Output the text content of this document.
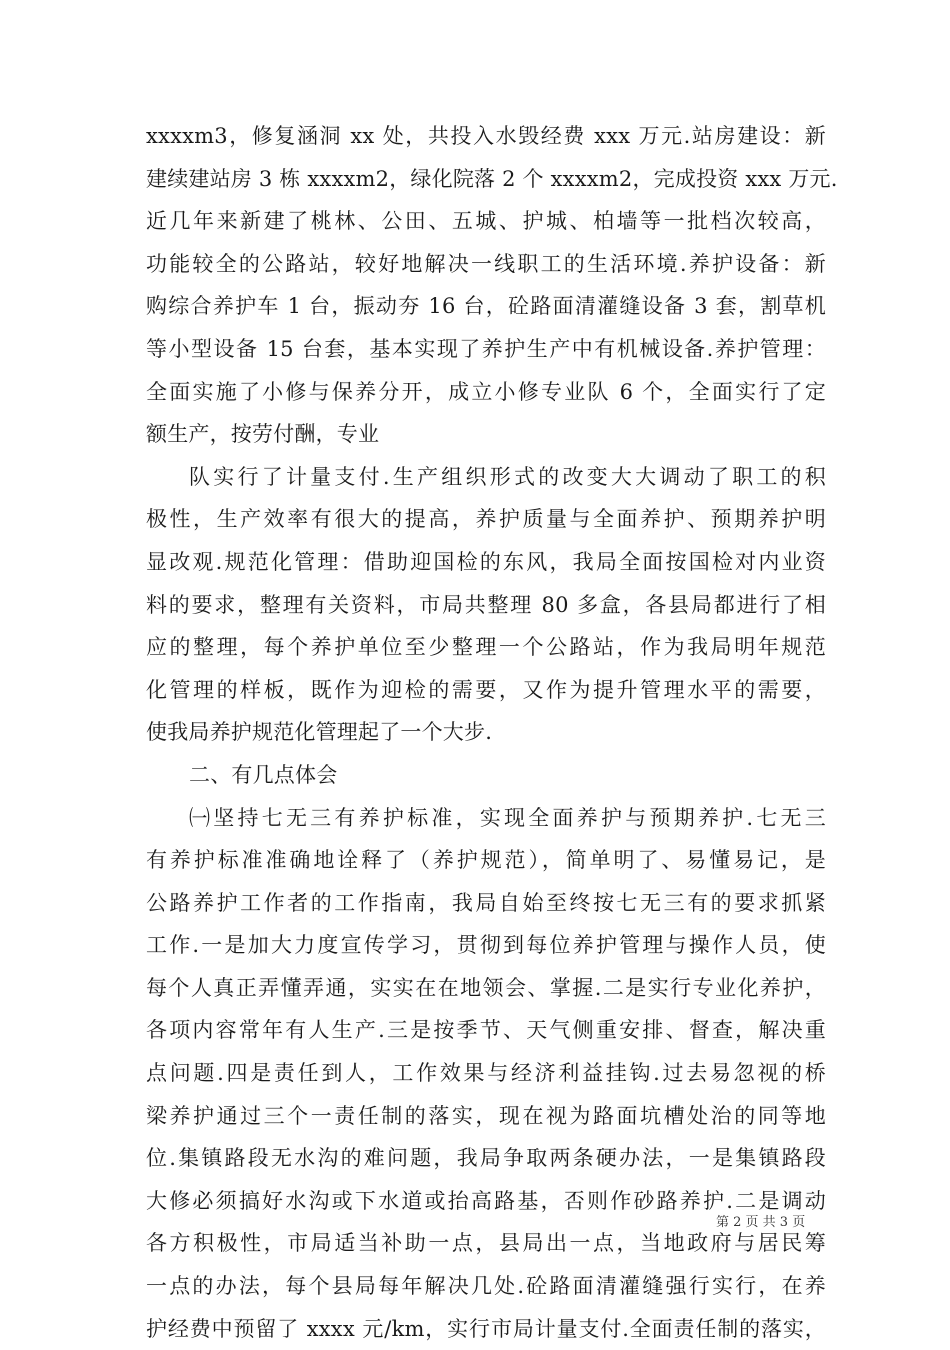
xxxxm3，修复涵洞 xx 处，共投入水毁经费 xxx 万元.站房建设：新
建续建站房 3 栋 xxxxm2，绿化院落 2 个 xxxxm2，完成投资 xxx 万元.
近几年来新建了桃林、公田、五城、护城、柏墙等一批档次较高，
功能较全的公路站，较好地解决一线职工的生活环境.养护设备：新
购综合养护车 1 台，振动夯 16 台，砼路面清灌缝设备 3 套，割草机
等小型设备 15 台套，基本实现了养护生产中有机械设备.养护管理：
全面实施了小修与保养分开，成立小修专业队 6 个，全面实行了定
额生产，按劳付酬，专业
队实行了计量支付.生产组织形式的改变大大调动了职工的积
极性，生产效率有很大的提高，养护质量与全面养护、预期养护明
显改观.规范化管理：借助迎国检的东风，我局全面按国检对内业资
料的要求，整理有关资料，市局共整理 80 多盒，各县局都进行了相
应的整理，每个养护单位至少整理一个公路站，作为我局明年规范
化管理的样板，既作为迎检的需要，又作为提升管理水平的需要，
使我局养护规范化管理起了一个大步.
二、有几点体会
㈠坚持七无三有养护标准，实现全面养护与预期养护.七无三
有养护标准准确地诠释了（养护规范），简单明了、易懂易记，是
公路养护工作者的工作指南，我局自始至终按七无三有的要求抓紧
工作.一是加大力度宣传学习，贯彻到每位养护管理与操作人员，使
每个人真正弄懂弄通，实实在在地领会、掌握.二是实行专业化养护，
各项内容常年有人生产.三是按季节、天气侧重安排、督查，解决重
点问题.四是责任到人，工作效果与经济利益挂钩.过去易忽视的桥
梁养护通过三个一责任制的落实，现在视为路面坑槽处治的同等地
位.集镇路段无水沟的难问题，我局争取两条硬办法，一是集镇路段
大修必须搞好水沟或下水道或抬高路基，否则作砂路养护.二是调动
各方积极性，市局适当补助一点，县局出一点，当地政府与居民筹
一点的办法，每个县局每年解决几处.砼路面清灌缝强行实行，在养
护经费中预留了 xxxx 元/km，实行市局计量支付.全面责任制的落实，
第 2 页 共 3 页
